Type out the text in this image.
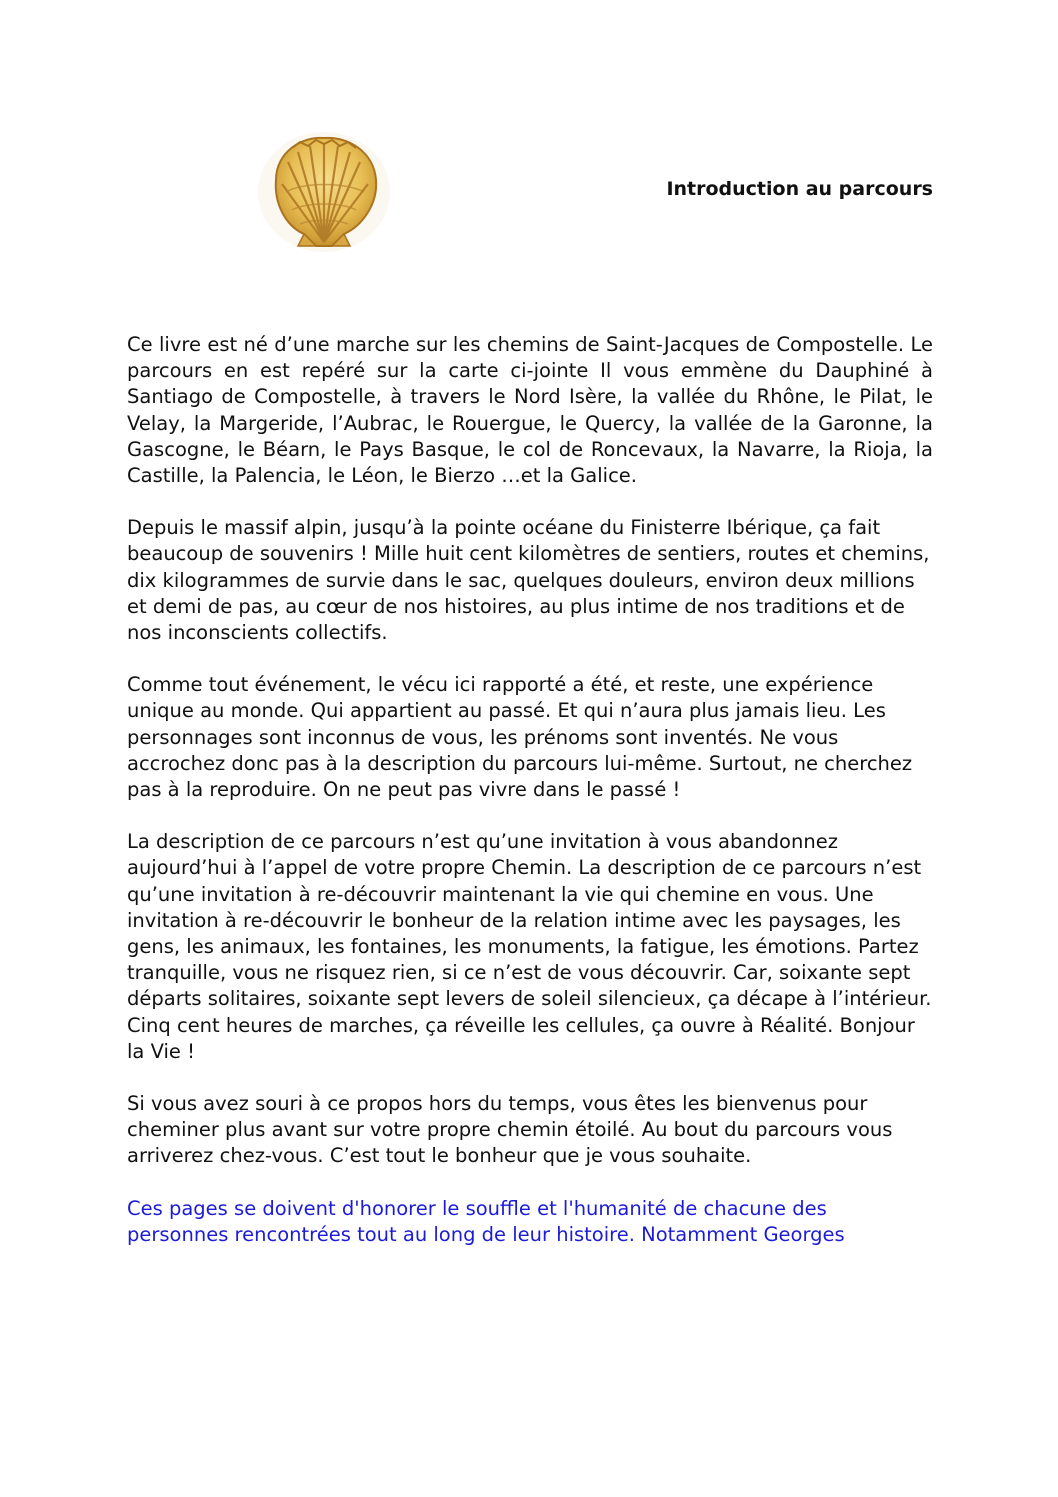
Introduction au parcours

Ce livre est né d’une marche sur les chemins de Saint-Jacques de Compostelle. Le parcours en est repéré sur la carte ci-jointe Il vous emmène du Dauphiné à Santiago de Compostelle, à travers le Nord Isère, la vallée du Rhône, le Pilat, le Velay, la Margeride, l’Aubrac, le Rouergue, le Quercy, la vallée de la Garonne, la Gascogne, le Béarn, le Pays Basque, le col de Roncevaux, la Navarre, la Rioja, la Castille, la Palencia, le Léon, le Bierzo …et la Galice.

Depuis le massif alpin, jusqu’à la pointe océane du Finisterre Ibérique, ça fait beaucoup de souvenirs ! Mille huit cent kilomètres de sentiers, routes et chemins, dix kilogrammes de survie dans le sac, quelques douleurs, environ deux millions et demi de pas, au cœur de nos histoires, au plus intime de nos traditions et de nos inconscients collectifs.

Comme tout événement, le vécu ici rapporté a été, et reste, une expérience unique au monde. Qui appartient au passé. Et qui n’aura plus jamais lieu. Les personnages sont inconnus de vous, les prénoms sont inventés. Ne vous accrochez donc pas à la description du parcours lui-même. Surtout, ne cherchez pas à la reproduire. On ne peut pas vivre dans le passé !

La description de ce parcours n’est qu’une invitation à vous abandonnez aujourd’hui à l’appel de votre propre Chemin. La description de ce parcours n’est qu’une invitation à re-découvrir maintenant la vie qui chemine en vous. Une invitation à re-découvrir le bonheur de la relation intime avec les paysages, les gens, les animaux, les fontaines, les monuments, la fatigue, les émotions. Partez tranquille, vous ne risquez rien, si ce n’est de vous découvrir. Car, soixante sept départs solitaires, soixante sept levers de soleil silencieux, ça décape à l’intérieur. Cinq cent heures de marches, ça réveille les cellules, ça ouvre à Réalité. Bonjour la Vie !

Si vous avez souri à ce propos hors du temps, vous êtes les bienvenus pour cheminer plus avant sur votre propre chemin étoilé. Au bout du parcours vous arriverez chez-vous. C’est tout le bonheur que je vous souhaite.

Ces pages se doivent d'honorer le souffle et l'humanité de chacune des personnes rencontrées tout au long de leur histoire. Notamment Georges
